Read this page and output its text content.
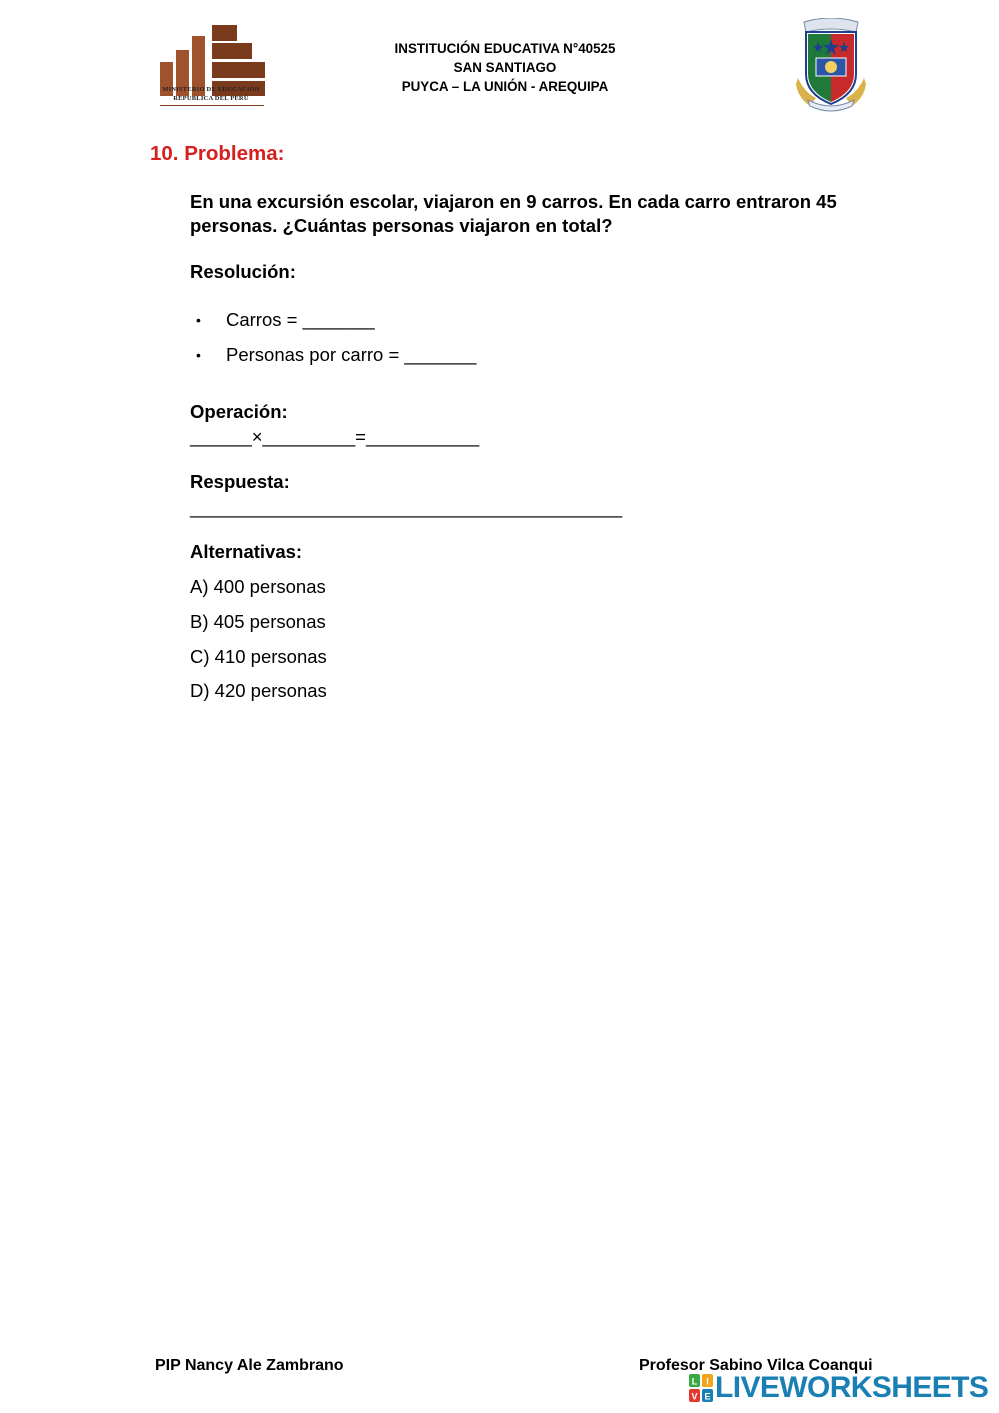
MINISTERIO DE EDUCACIÓN
REPUBLICA DEL PERÚ
INSTITUCIÓN EDUCATIVA N°40525
SAN SANTIAGO
PUYCA – LA UNIÓN - AREQUIPA
10. Problema:
En una excursión escolar, viajaron en 9 carros. En cada carro entraron 45 personas. ¿Cuántas personas viajaron en total?
Resolución:
• Carros = _______
• Personas por carro = _______
Operación:
______×_________=___________
Respuesta:
__________________________________________
Alternativas:
A) 400 personas
B) 405 personas
C) 410 personas
D) 420 personas
PIP Nancy Ale Zambrano	Profesor Sabino Vilca Coanqui
L I
V E LIVEWORKSHEETS
